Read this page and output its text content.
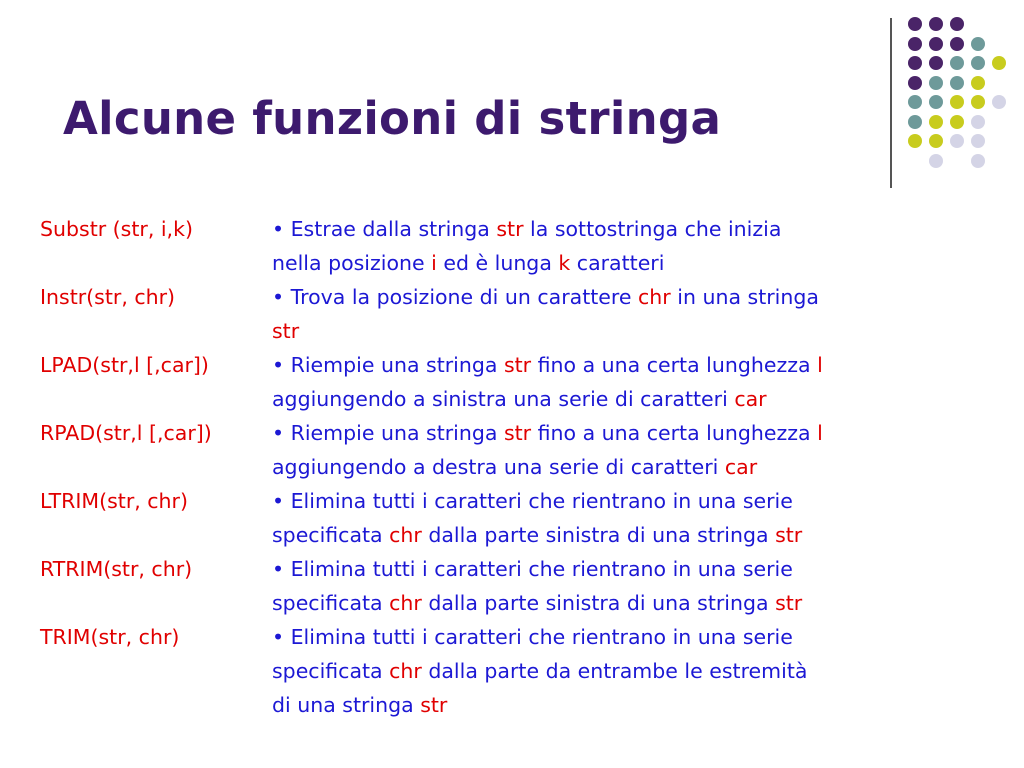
Alcune funzioni di stringa
Substr (str, i,k)	• Estrae dalla stringa str la sottostringa che inizia
nella posizione i ed è lunga k caratteri
Instr(str, chr)	• Trova la posizione di un carattere chr in una stringa
str
LPAD(str,l [,car])	• Riempie una stringa str fino a una certa lunghezza l
aggiungendo a sinistra una serie di caratteri car
RPAD(str,l [,car])	• Riempie una stringa str fino a una certa lunghezza l
aggiungendo a destra una serie di caratteri car
LTRIM(str, chr)	• Elimina tutti i caratteri che rientrano in una serie
specificata chr dalla parte sinistra di una stringa str
RTRIM(str, chr)	• Elimina tutti i caratteri che rientrano in una serie
specificata chr dalla parte sinistra di una stringa str
TRIM(str, chr)	• Elimina tutti i caratteri che rientrano in una serie
specificata chr dalla parte da entrambe le estremità
di una stringa str
